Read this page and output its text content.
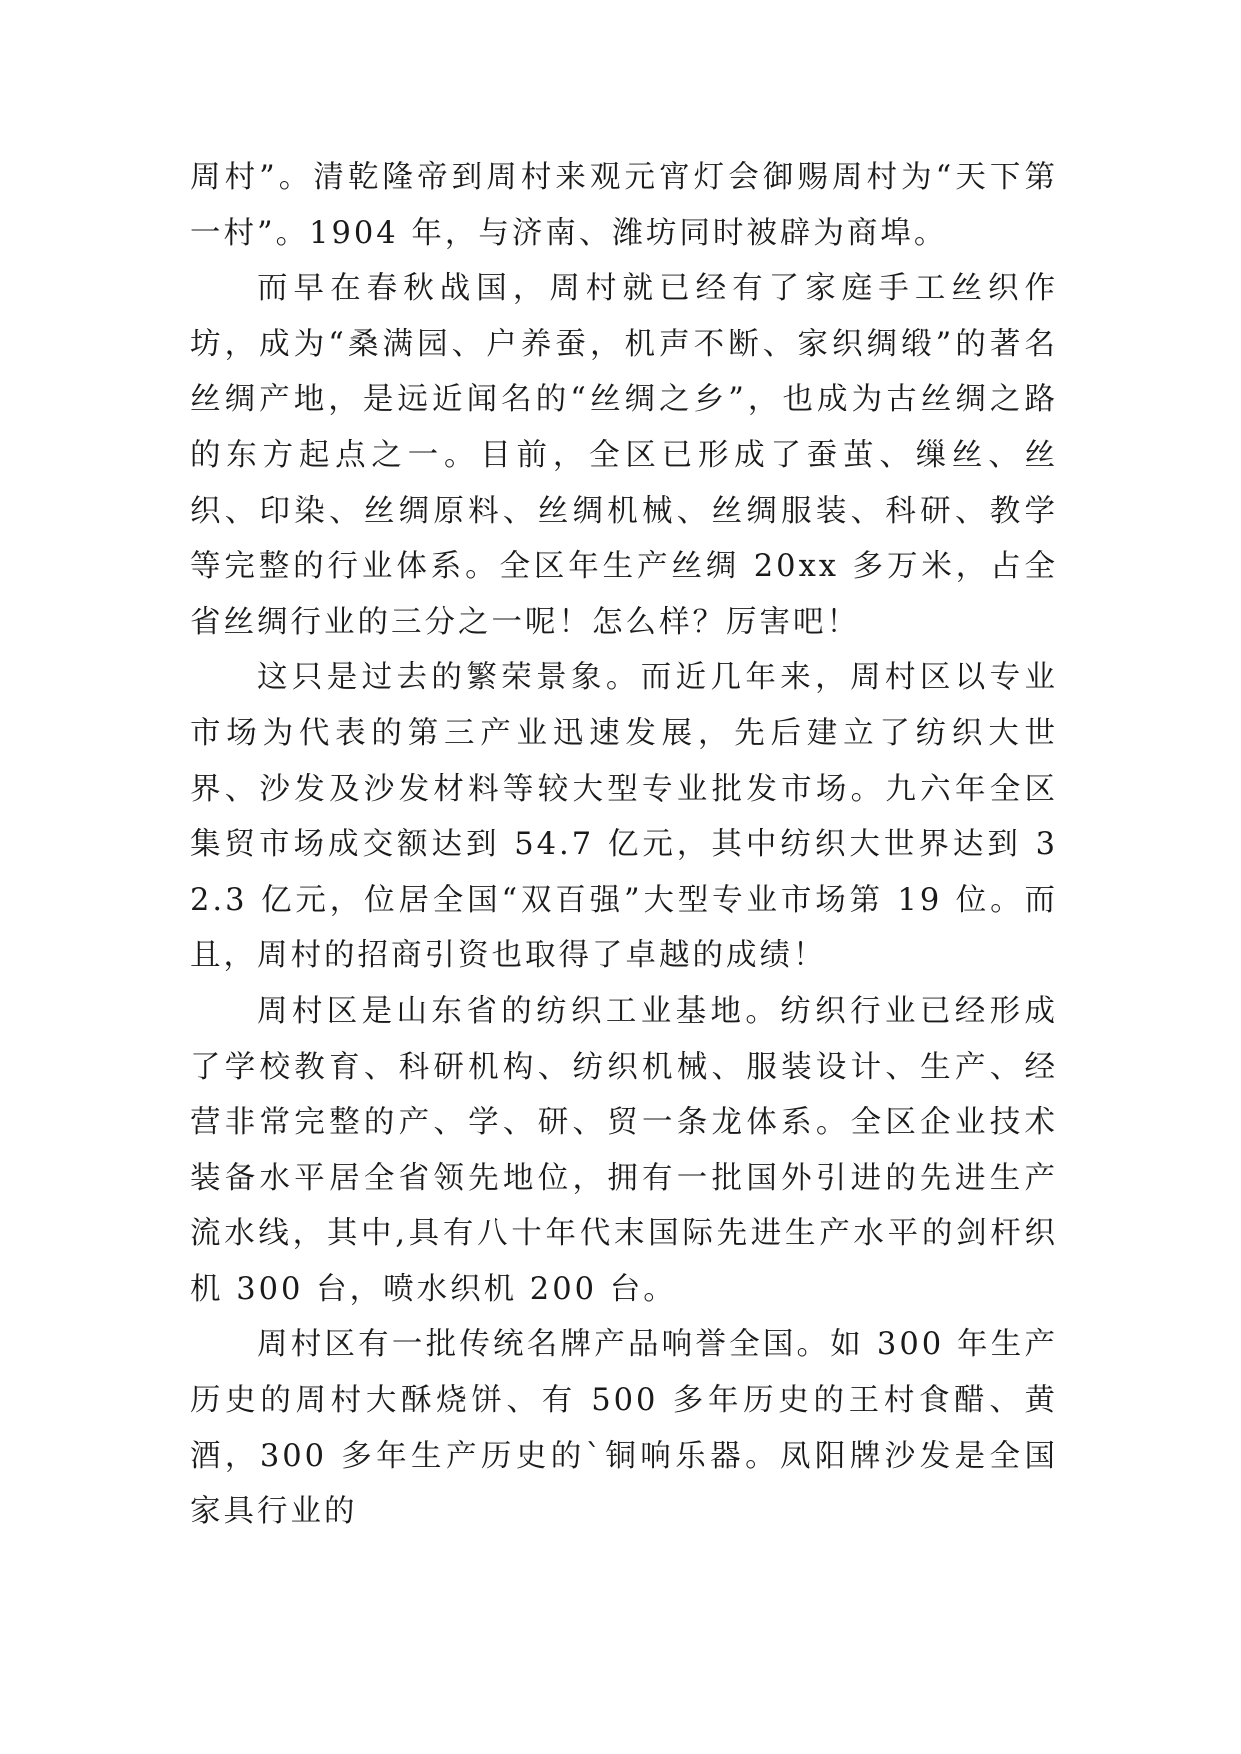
周村”。清乾隆帝到周村来观元宵灯会御赐周村为“天下第一村”。1904 年，与济南、潍坊同时被辟为商埠。

而早在春秋战国，周村就已经有了家庭手工丝织作坊，成为“桑满园、户养蚕，机声不断、家织绸缎”的著名丝绸产地，是远近闻名的“丝绸之乡”，也成为古丝绸之路的东方起点之一。目前，全区已形成了蚕茧、缫丝、丝织、印染、丝绸原料、丝绸机械、丝绸服装、科研、教学等完整的行业体系。全区年生产丝绸 20xx 多万米，占全省丝绸行业的三分之一呢！怎么样？厉害吧！

这只是过去的繁荣景象。而近几年来，周村区以专业市场为代表的第三产业迅速发展，先后建立了纺织大世界、沙发及沙发材料等较大型专业批发市场。九六年全区集贸市场成交额达到 54.7 亿元，其中纺织大世界达到 32.3 亿元，位居全国“双百强”大型专业市场第 19 位。而且，周村的招商引资也取得了卓越的成绩！

周村区是山东省的纺织工业基地。纺织行业已经形成了学校教育、科研机构、纺织机械、服装设计、生产、经营非常完整的产、学、研、贸一条龙体系。全区企业技术装备水平居全省领先地位，拥有一批国外引进的先进生产流水线，其中,具有八十年代末国际先进生产水平的剑杆织机 300 台，喷水织机 200 台。

周村区有一批传统名牌产品响誉全国。如 300 年生产历史的周村大酥烧饼、有 500 多年历史的王村食醋、黄酒，300 多年生产历史的`铜响乐器。凤阳牌沙发是全国家具行业的
